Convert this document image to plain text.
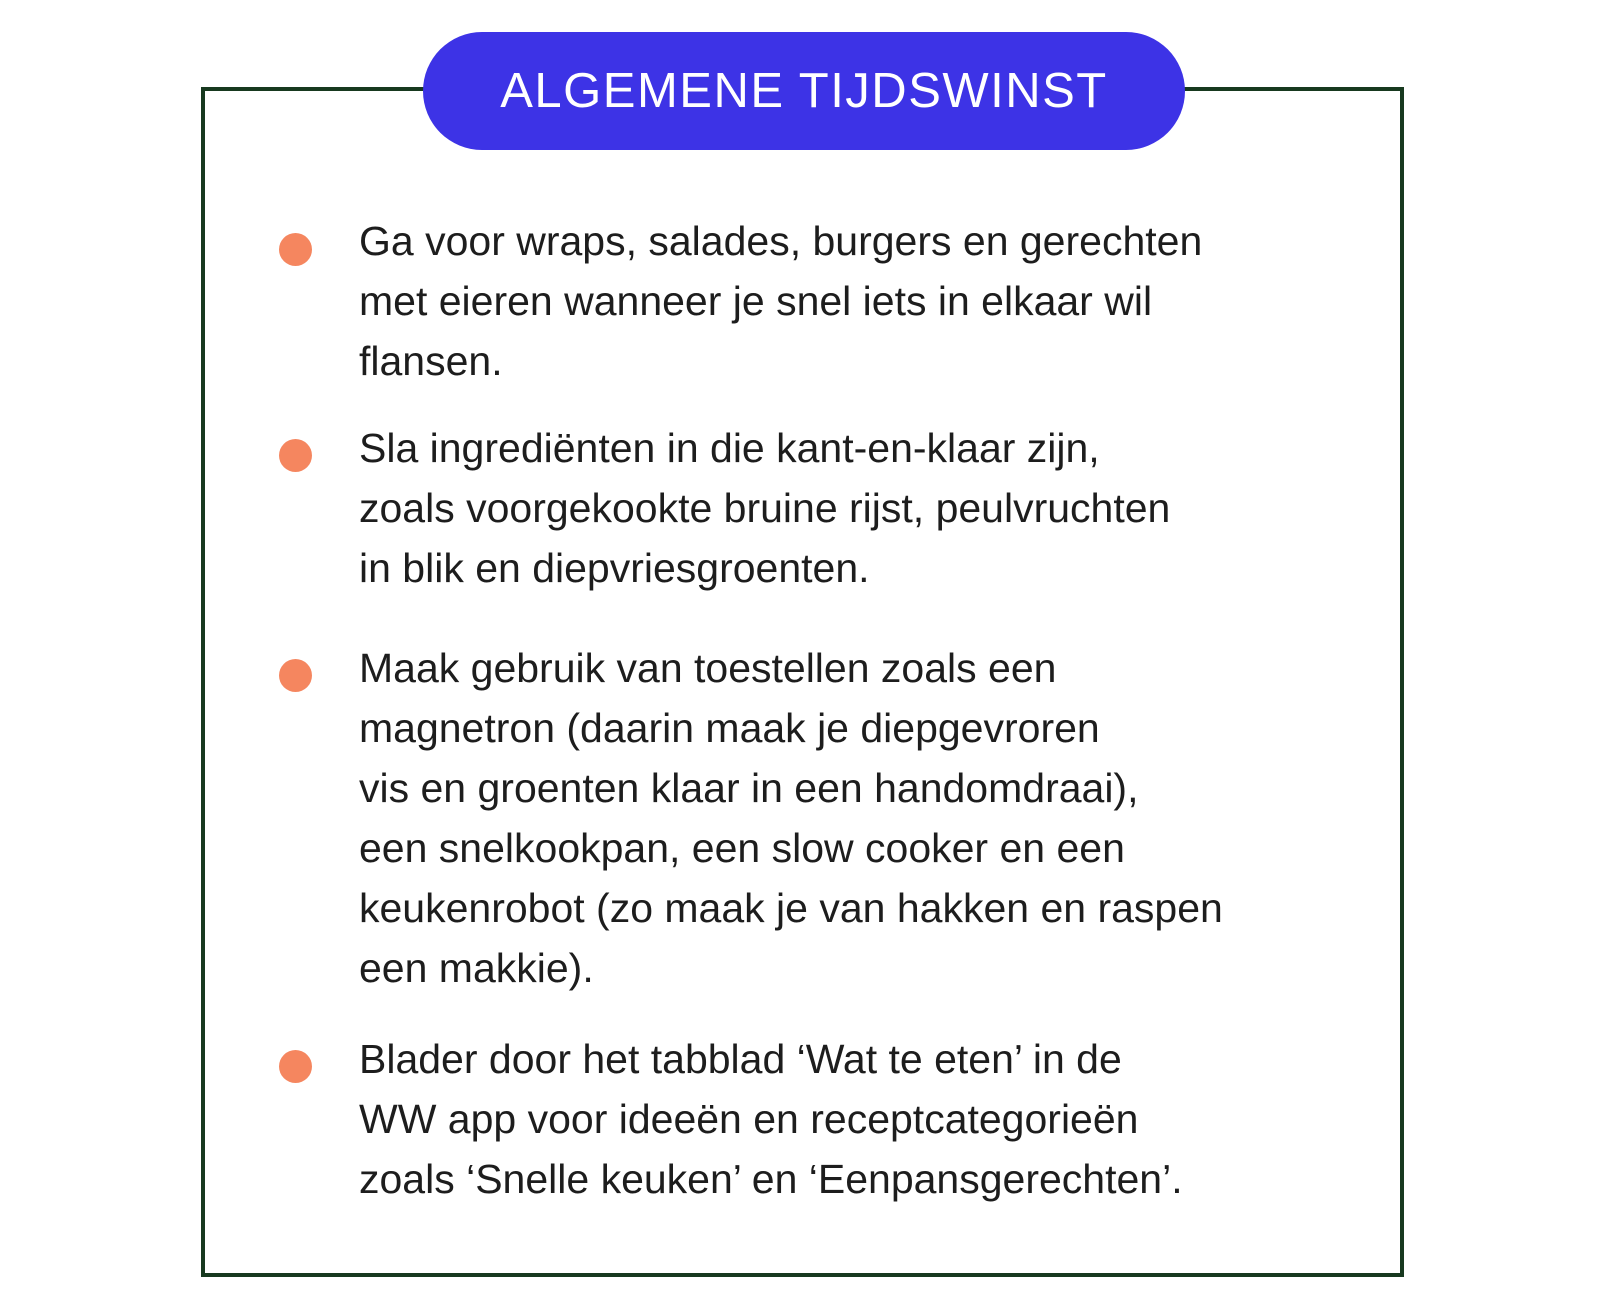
ALGEMENE TIJDSWINST
Ga voor wraps, salades, burgers en gerechten
met eieren wanneer je snel iets in elkaar wil
flansen.
Sla ingrediënten in die kant-en-klaar zijn,
zoals voorgekookte bruine rijst, peulvruchten
in blik en diepvriesgroenten.
Maak gebruik van toestellen zoals een
magnetron (daarin maak je diepgevroren
vis en groenten klaar in een handomdraai),
een snelkookpan, een slow cooker en een
keukenrobot (zo maak je van hakken en raspen
een makkie).
Blader door het tabblad ‘Wat te eten’ in de
WW app voor ideeën en receptcategorieën
zoals ‘Snelle keuken’ en ‘Eenpansgerechten’.
